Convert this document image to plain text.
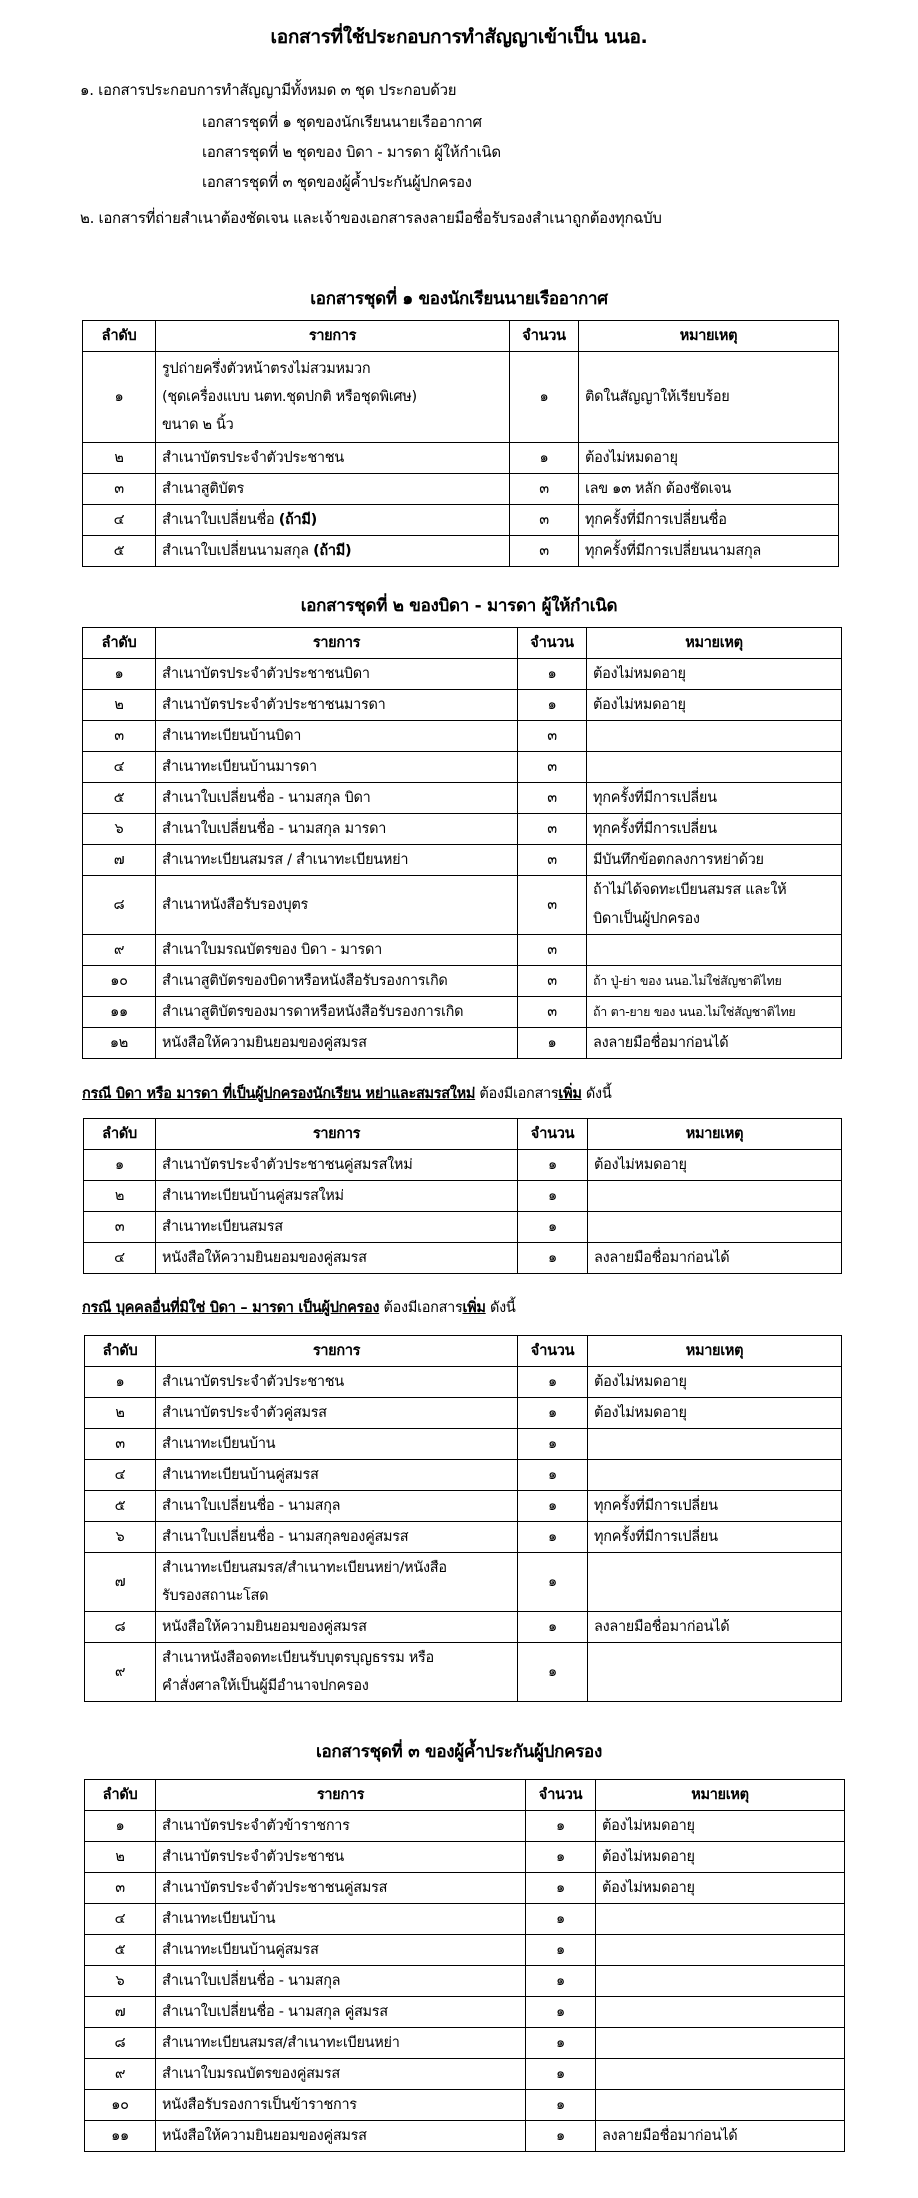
เอกสารที่ใช้ประกอบการทำสัญญาเข้าเป็น นนอ.
๑. เอกสารประกอบการทำสัญญามีทั้งหมด ๓ ชุด ประกอบด้วย
เอกสารชุดที่ ๑ ชุดของนักเรียนนายเรืออากาศ
เอกสารชุดที่ ๒ ชุดของ บิดา - มารดา ผู้ให้กำเนิด
เอกสารชุดที่ ๓ ชุดของผู้ค้ำประกันผู้ปกครอง
๒. เอกสารที่ถ่ายสำเนาต้องชัดเจน และเจ้าของเอกสารลงลายมือชื่อรับรองสำเนาถูกต้องทุกฉบับ
เอกสารชุดที่ ๑ ของนักเรียนนายเรืออากาศ
ลำดับ	รายการ	จำนวน	หมายเหตุ
๑	รูปถ่ายครึ่งตัวหน้าตรงไม่สวมหมวก
(ชุดเครื่องแบบ นตท.ชุดปกติ หรือชุดพิเศษ)
ขนาด ๒ นิ้ว	๑	ติดในสัญญาให้เรียบร้อย
๒	สำเนาบัตรประจำตัวประชาชน	๑	ต้องไม่หมดอายุ
๓	สำเนาสูติบัตร	๓	เลข ๑๓ หลัก ต้องชัดเจน
๔	สำเนาใบเปลี่ยนชื่อ (ถ้ามี)	๓	ทุกครั้งที่มีการเปลี่ยนชื่อ
๕	สำเนาใบเปลี่ยนนามสกุล (ถ้ามี)	๓	ทุกครั้งที่มีการเปลี่ยนนามสกุล
เอกสารชุดที่ ๒ ของบิดา - มารดา ผู้ให้กำเนิด
ลำดับ	รายการ	จำนวน	หมายเหตุ
๑	สำเนาบัตรประจำตัวประชาชนบิดา	๑	ต้องไม่หมดอายุ
๒	สำเนาบัตรประจำตัวประชาชนมารดา	๑	ต้องไม่หมดอายุ
๓	สำเนาทะเบียนบ้านบิดา	๓	
๔	สำเนาทะเบียนบ้านมารดา	๓	
๕	สำเนาใบเปลี่ยนชื่อ - นามสกุล บิดา	๓	ทุกครั้งที่มีการเปลี่ยน
๖	สำเนาใบเปลี่ยนชื่อ - นามสกุล มารดา	๓	ทุกครั้งที่มีการเปลี่ยน
๗	สำเนาทะเบียนสมรส / สำเนาทะเบียนหย่า	๓	มีบันทึกข้อตกลงการหย่าด้วย
๘	สำเนาหนังสือรับรองบุตร	๓	ถ้าไม่ได้จดทะเบียนสมรส และให้
บิดาเป็นผู้ปกครอง

๙	สำเนาใบมรณบัตรของ บิดา - มารดา	๓	
๑๐	สำเนาสูติบัตรของบิดาหรือหนังสือรับรองการเกิด	๓	ถ้า ปู่-ย่า ของ นนอ.ไม่ใช่สัญชาติไทย
๑๑	สำเนาสูติบัตรของมารดาหรือหนังสือรับรองการเกิด	๓	ถ้า ตา-ยาย ของ นนอ.ไม่ใช่สัญชาติไทย
๑๒	หนังสือให้ความยินยอมของคู่สมรส	๑	ลงลายมือชื่อมาก่อนได้
กรณี บิดา หรือ มารดา ที่เป็นผู้ปกครองนักเรียน หย่าและสมรสใหม่ ต้องมีเอกสารเพิ่ม ดังนี้
ลำดับ	รายการ	จำนวน	หมายเหตุ
๑	สำเนาบัตรประจำตัวประชาชนคู่สมรสใหม่	๑	ต้องไม่หมดอายุ
๒	สำเนาทะเบียนบ้านคู่สมรสใหม่	๑	
๓	สำเนาทะเบียนสมรส	๑	
๔	หนังสือให้ความยินยอมของคู่สมรส	๑	ลงลายมือชื่อมาก่อนได้
กรณี บุคคลอื่นที่มิใช่ บิดา – มารดา เป็นผู้ปกครอง ต้องมีเอกสารเพิ่ม ดังนี้
ลำดับ	รายการ	จำนวน	หมายเหตุ
๑	สำเนาบัตรประจำตัวประชาชน	๑	ต้องไม่หมดอายุ
๒	สำเนาบัตรประจำตัวคู่สมรส	๑	ต้องไม่หมดอายุ
๓	สำเนาทะเบียนบ้าน	๑	
๔	สำเนาทะเบียนบ้านคู่สมรส	๑	
๕	สำเนาใบเปลี่ยนชื่อ - นามสกุล	๑	ทุกครั้งที่มีการเปลี่ยน
๖	สำเนาใบเปลี่ยนชื่อ - นามสกุลของคู่สมรส	๑	ทุกครั้งที่มีการเปลี่ยน
๗	สำเนาทะเบียนสมรส/สำเนาทะเบียนหย่า/หนังสือ
รับรองสถานะโสด	๑	
๘	หนังสือให้ความยินยอมของคู่สมรส	๑	ลงลายมือชื่อมาก่อนได้
๙	สำเนาหนังสือจดทะเบียนรับบุตรบุญธรรม หรือ
คำสั่งศาลให้เป็นผู้มีอำนาจปกครอง	๑	
เอกสารชุดที่ ๓ ของผู้ค้ำประกันผู้ปกครอง
ลำดับ	รายการ	จำนวน	หมายเหตุ
๑	สำเนาบัตรประจำตัวข้าราชการ	๑	ต้องไม่หมดอายุ
๒	สำเนาบัตรประจำตัวประชาชน	๑	ต้องไม่หมดอายุ
๓	สำเนาบัตรประจำตัวประชาชนคู่สมรส	๑	ต้องไม่หมดอายุ
๔	สำเนาทะเบียนบ้าน	๑	
๕	สำเนาทะเบียนบ้านคู่สมรส	๑	
๖	สำเนาใบเปลี่ยนชื่อ - นามสกุล	๑	
๗	สำเนาใบเปลี่ยนชื่อ - นามสกุล คู่สมรส	๑	
๘	สำเนาทะเบียนสมรส/สำเนาทะเบียนหย่า	๑	
๙	สำเนาใบมรณบัตรของคู่สมรส	๑	
๑๐	หนังสือรับรองการเป็นข้าราชการ	๑	
๑๑	หนังสือให้ความยินยอมของคู่สมรส	๑	ลงลายมือชื่อมาก่อนได้
